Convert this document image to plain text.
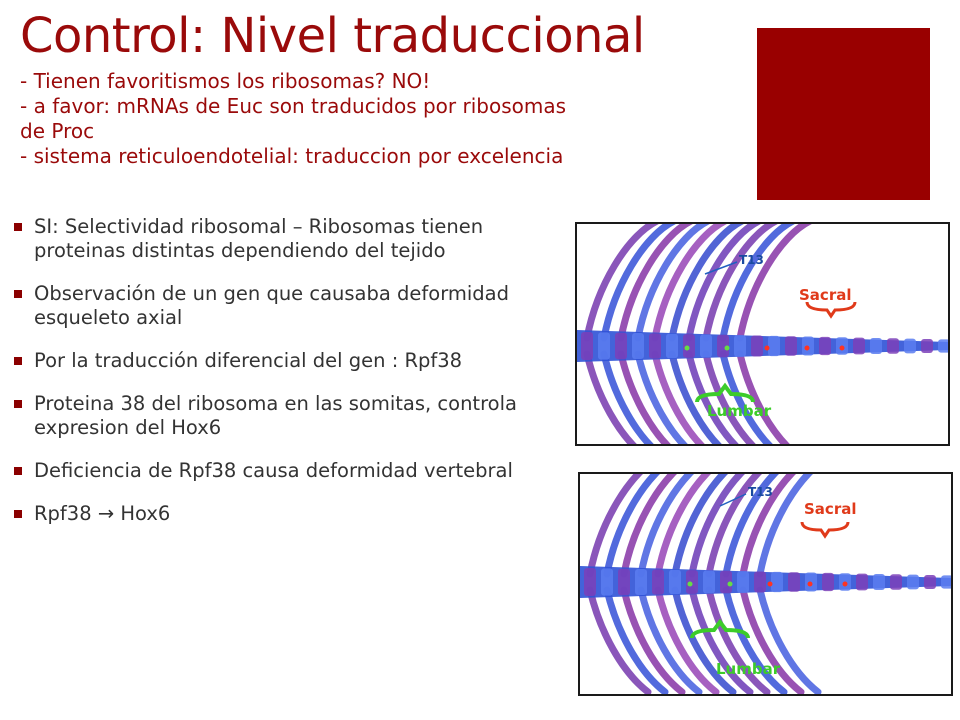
Control: Nivel traduccional
- Tienen favoritismos los ribosomas? NO!
- a favor: mRNAs de Euc son traducidos por ribosomas
de Proc
- sistema reticuloendotelial: traduccion por excelencia
SI: Selectividad ribosomal – Ribosomas tienen proteinas distintas dependiendo del tejido
Observación de un gen que causaba deformidad esqueleto axial
Por la traducción diferencial del gen : Rpf38
Proteina 38 del ribosoma en las somitas, controla expresion del Hox6
Deficiencia de Rpf38 causa deformidad vertebral
Rpf38 → Hox6
T13
Sacral
Lumbar
T13
Sacral
Lumbar
